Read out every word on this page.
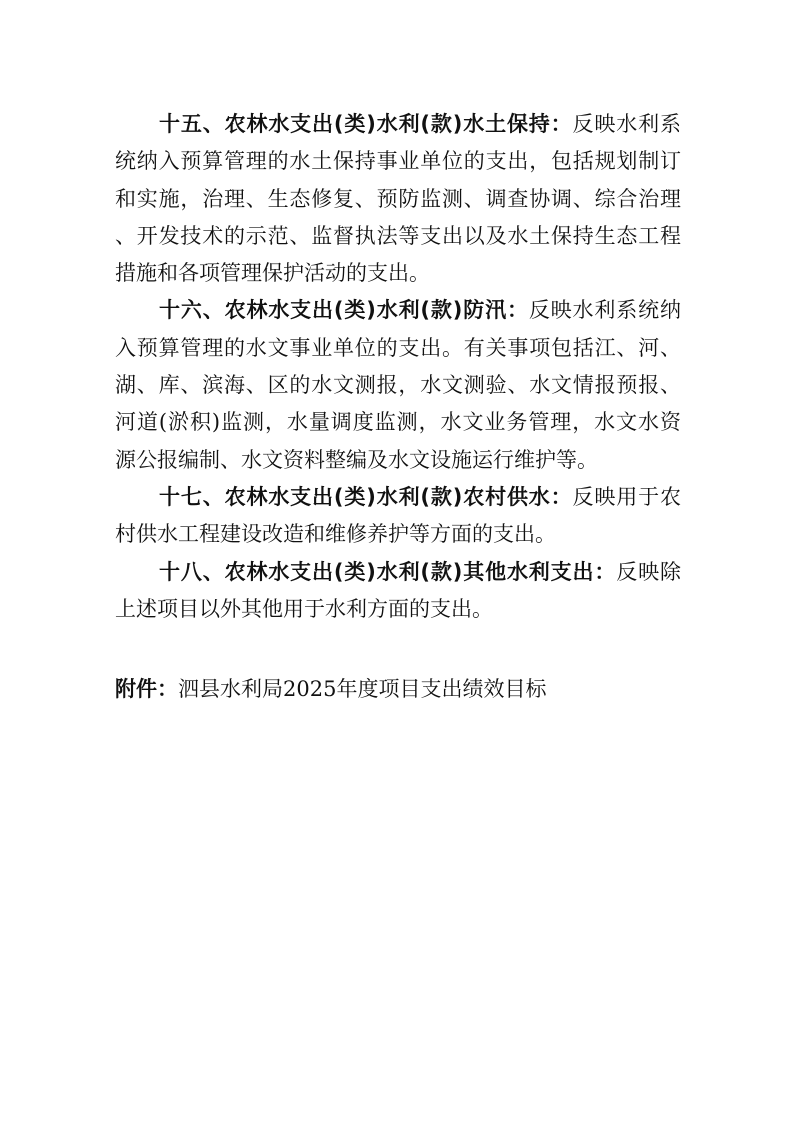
十五、农林水支出(类)水利(款)水土保持：反映水利系
统纳入预算管理的水土保持事业单位的支出，包括规划制订
和实施，治理、生态修复、预防监测、调查协调、综合治理
、开发技术的示范、监督执法等支出以及水土保持生态工程
措施和各项管理保护活动的支出。
十六、农林水支出(类)水利(款)防汛：反映水利系统纳
入预算管理的水文事业单位的支出。有关事项包括江、河、
湖、库、滨海、区的水文测报，水文测验、水文情报预报、
河道(淤积)监测，水量调度监测，水文业务管理，水文水资
源公报编制、水文资料整编及水文设施运行维护等。
十七、农林水支出(类)水利(款)农村供水：反映用于农
村供水工程建设改造和维修养护等方面的支出。
十八、农林水支出(类)水利(款)其他水利支出：反映除
上述项目以外其他用于水利方面的支出。
附件：泗县水利局2025年度项目支出绩效目标
